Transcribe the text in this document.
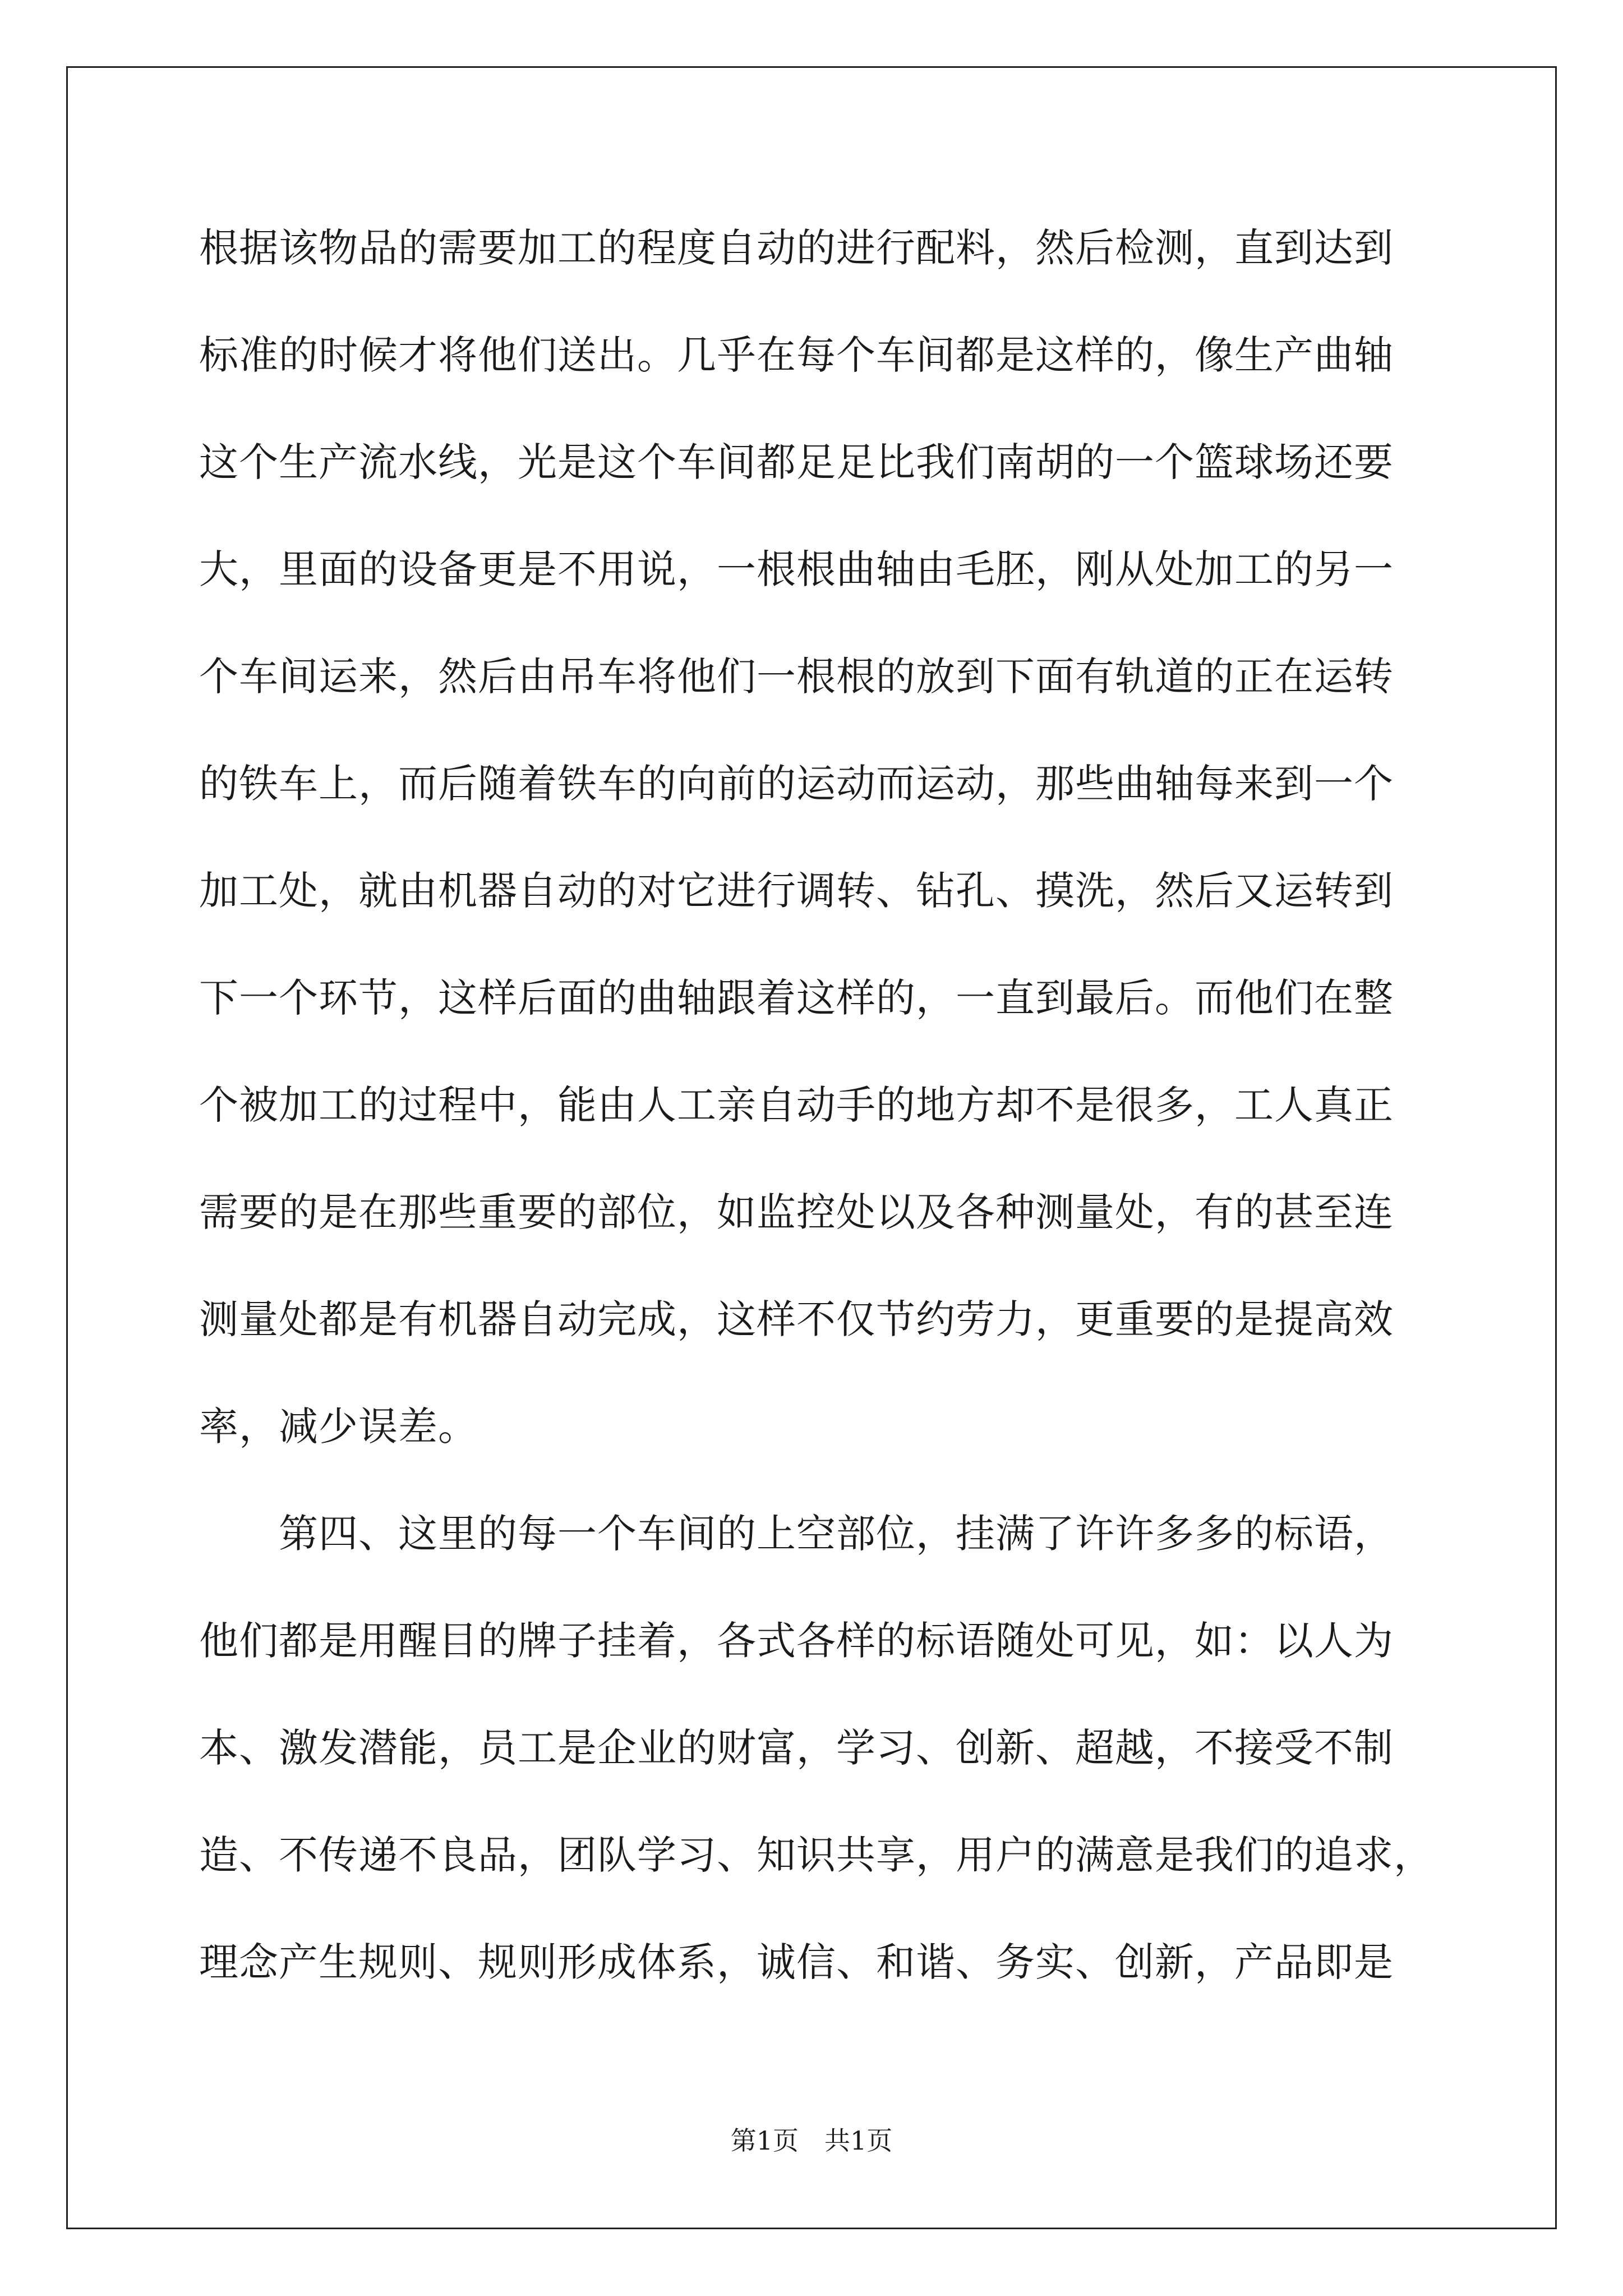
根据该物品的需要加工的程度自动的进行配料，然后检测，直到达到
标准的时候才将他们送出。几乎在每个车间都是这样的，像生产曲轴
这个生产流水线，光是这个车间都足足比我们南胡的一个篮球场还要
大，里面的设备更是不用说，一根根曲轴由毛胚，刚从处加工的另一
个车间运来，然后由吊车将他们一根根的放到下面有轨道的正在运转
的铁车上，而后随着铁车的向前的运动而运动，那些曲轴每来到一个
加工处，就由机器自动的对它进行调转、钻孔、摸洗，然后又运转到
下一个环节，这样后面的曲轴跟着这样的，一直到最后。而他们在整
个被加工的过程中，能由人工亲自动手的地方却不是很多，工人真正
需要的是在那些重要的部位，如监控处以及各种测量处，有的甚至连
测量处都是有机器自动完成，这样不仅节约劳力，更重要的是提高效
率，减少误差。
　　第四、这里的每一个车间的上空部位，挂满了许许多多的标语，
他们都是用醒目的牌子挂着，各式各样的标语随处可见，如：以人为
本、激发潜能，员工是企业的财富，学习、创新、超越，不接受不制
造、不传递不良品，团队学习、知识共享，用户的满意是我们的追求，
理念产生规则、规则形成体系，诚信、和谐、务实、创新，产品即是
第1页 共1页
